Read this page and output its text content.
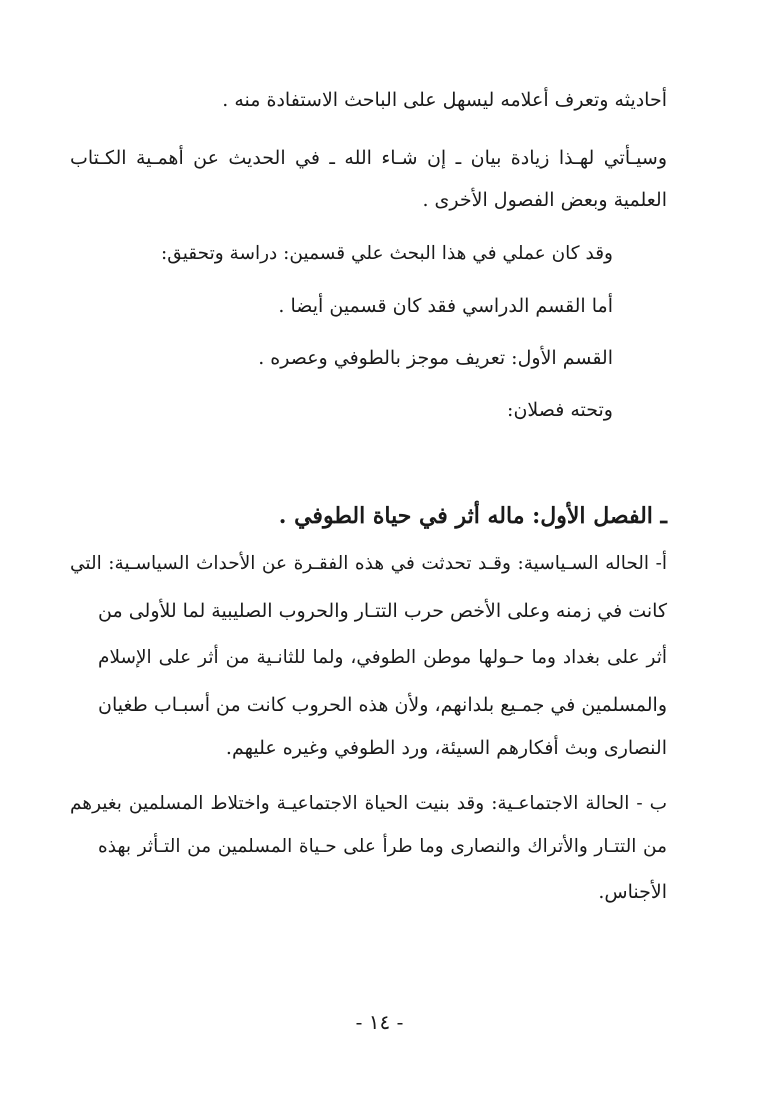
أحاديثه وتعرف أعلامه ليسهل على الباحث الاستفادة منه .
وسيـأتي لهـذا زيادة بيان ـ إن شـاء الله ـ في الحديث عن أهمـية الكـتاب
العلمية وبعض الفصول الأخرى .
وقد كان عملي في هذا البحث علي قسمين: دراسة وتحقيق:
أما القسم الدراسي فقد كان قسمين أيضا .
القسم الأول: تعريف موجز بالطوفي وعصره .
وتحته فصلان:
ـ الفصل الأول: ماله أثر في حياة الطوفي .
أ- الحاله السـياسية: وقـد تحدثت في هذه الفقـرة عن الأحداث السياسـية: التي
كانت في زمنه وعلى الأخص حرب التتـار والحروب الصليبية لما للأولى من
أثر على بغداد وما حـولها موطن الطوفي، ولما للثانـية من أثر على الإسلام
والمسلمين في جمـيع بلدانهم، ولأن هذه الحروب كانت من أسبـاب طغيان
النصارى وبث أفكارهم السيئة، ورد الطوفي وغيره عليهم.
ب - الحالة الاجتماعـية: وقد بنيت الحياة الاجتماعيـة واختلاط المسلمين بغيرهم
من التتـار والأتراك والنصارى وما طرأ على حـياة المسلمين من التـأثر بهذه
الأجناس.
- ١٤ -
